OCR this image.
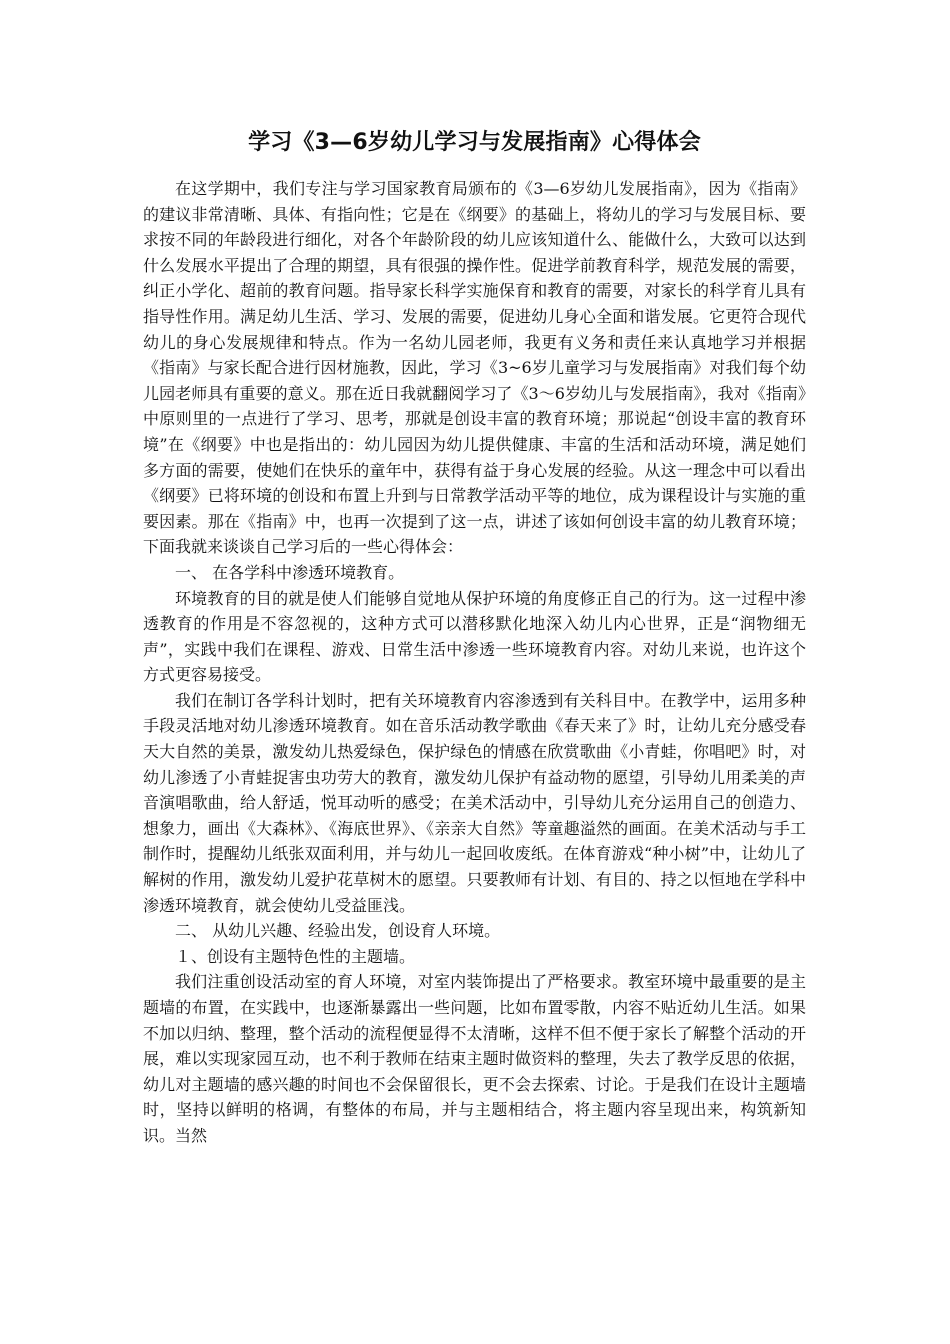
学习《3—6岁幼儿学习与发展指南》心得体会

在这学期中，我们专注与学习国家教育局颁布的《3—6岁幼儿发展指南》，因为《指南》的建议非常清晰、具体、有指向性；它是在《纲要》的基础上，将幼儿的学习与发展目标、要求按不同的年龄段进行细化，对各个年龄阶段的幼儿应该知道什么、能做什么，大致可以达到什么发展水平提出了合理的期望，具有很强的操作性。促进学前教育科学，规范发展的需要，纠正小学化、超前的教育问题。指导家长科学实施保育和教育的需要，对家长的科学育儿具有指导性作用。满足幼儿生活、学习、发展的需要，促进幼儿身心全面和谐发展。它更符合现代幼儿的身心发展规律和特点。作为一名幼儿园老师，我更有义务和责任来认真地学习并根据《指南》与家长配合进行因材施教，因此，学习《3~6岁儿童学习与发展指南》对我们每个幼儿园老师具有重要的意义。那在近日我就翻阅学习了《3～6岁幼儿与发展指南》，我对《指南》中原则里的一点进行了学习、思考，那就是创设丰富的教育环境；那说起“创设丰富的教育环境”在《纲要》中也是指出的：幼儿园因为幼儿提供健康、丰富的生活和活动环境，满足她们多方面的需要，使她们在快乐的童年中，获得有益于身心发展的经验。从这一理念中可以看出《纲要》已将环境的创设和布置上升到与日常教学活动平等的地位，成为课程设计与实施的重要因素。那在《指南》中，也再一次提到了这一点，讲述了该如何创设丰富的幼儿教育环境；下面我就来谈谈自己学习后的一些心得体会：

一、 在各学科中渗透环境教育。

环境教育的目的就是使人们能够自觉地从保护环境的角度修正自己的行为。这一过程中渗透教育的作用是不容忽视的，这种方式可以潜移默化地深入幼儿内心世界，正是“润物细无声”，实践中我们在课程、游戏、日常生活中渗透一些环境教育内容。对幼儿来说，也许这个方式更容易接受。

我们在制订各学科计划时，把有关环境教育内容渗透到有关科目中。在教学中，运用多种手段灵活地对幼儿渗透环境教育。如在音乐活动教学歌曲《春天来了》时，让幼儿充分感受春天大自然的美景，激发幼儿热爱绿色，保护绿色的情感在欣赏歌曲《小青蛙，你唱吧》时，对幼儿渗透了小青蛙捉害虫功劳大的教育，激发幼儿保护有益动物的愿望，引导幼儿用柔美的声音演唱歌曲，给人舒适，悦耳动听的感受；在美术活动中，引导幼儿充分运用自己的创造力、想象力，画出《大森林》、《海底世界》、《亲亲大自然》等童趣溢然的画面。在美术活动与手工制作时，提醒幼儿纸张双面利用，并与幼儿一起回收废纸。在体育游戏“种小树”中，让幼儿了解树的作用，激发幼儿爱护花草树木的愿望。只要教师有计划、有目的、持之以恒地在学科中渗透环境教育，就会使幼儿受益匪浅。

二、 从幼儿兴趣、经验出发，创设育人环境。

１、创设有主题特色性的主题墙。

我们注重创设活动室的育人环境，对室内装饰提出了严格要求。教室环境中最重要的是主题墙的布置，在实践中，也逐渐暴露出一些问题，比如布置零散，内容不贴近幼儿生活。如果不加以归纳、整理，整个活动的流程便显得不太清晰，这样不但不便于家长了解整个活动的开展，难以实现家园互动，也不利于教师在结束主题时做资料的整理，失去了教学反思的依据，幼儿对主题墙的感兴趣的时间也不会保留很长，更不会去探索、讨论。于是我们在设计主题墙时，坚持以鲜明的格调，有整体的布局，并与主题相结合，将主题内容呈现出来，构筑新知识。当然
